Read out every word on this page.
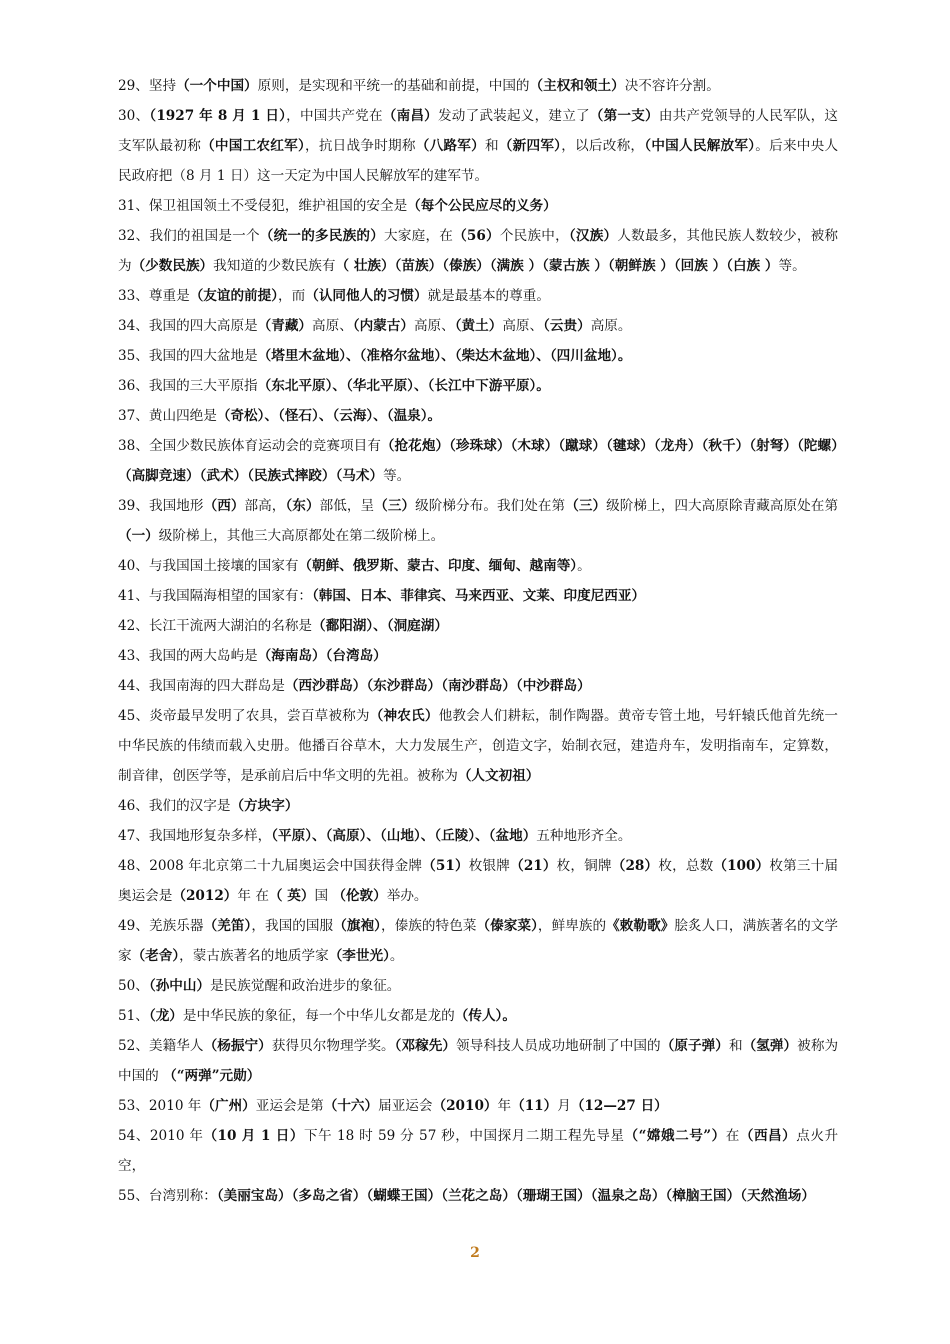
29、坚持（一个中国）原则，是实现和平统一的基础和前提，中国的（主权和领土）决不容许分割。

30、（1927 年 8 月 1 日），中国共产党在（南昌）发动了武装起义，建立了（第一支）由共产党领导的人民军队，这支军队最初称（中国工农红军），抗日战争时期称（八路军）和（新四军），以后改称，（中国人民解放军）。后来中央人民政府把（8 月 1 日）这一天定为中国人民解放军的建军节。

31、保卫祖国领土不受侵犯，维护祖国的安全是（每个公民应尽的义务）

32、我们的祖国是一个（统一的多民族的）大家庭，在（56）个民族中，（汉族）人数最多，其他民族人数较少，被称为（少数民族）我知道的少数民族有（ 壮族）（苗族）（傣族）（满族 ）（蒙古族 ）（朝鲜族 ）（回族 ）（白族 ）等。

33、尊重是（友谊的前提），而（认同他人的习惯）就是最基本的尊重。

34、我国的四大高原是（青藏）高原、（内蒙古）高原、（黄土）高原、（云贵）高原。

35、我国的四大盆地是（塔里木盆地）、（准格尔盆地）、（柴达木盆地）、（四川盆地）。

36、我国的三大平原指（东北平原）、（华北平原）、（长江中下游平原）。

37、黄山四绝是（奇松）、（怪石）、（云海）、（温泉）。

38、全国少数民族体育运动会的竞赛项目有（抢花炮）（珍珠球）（木球）（蹴球）（毽球）（龙舟）（秋千）（射弩）（陀螺）（高脚竞速）（武术）（民族式摔跤）（马术）等。

39、我国地形（西）部高，（东）部低，呈（三）级阶梯分布。我们处在第（三）级阶梯上，四大高原除青藏高原处在第（一）级阶梯上，其他三大高原都处在第二级阶梯上。

40、与我国国土接壤的国家有（朝鲜、俄罗斯、蒙古、印度、缅甸、越南等）。

41、与我国隔海相望的国家有：（韩国、日本、菲律宾、马来西亚、文莱、印度尼西亚）

42、长江干流两大湖泊的名称是（鄱阳湖）、（洞庭湖）

43、我国的两大岛屿是（海南岛）（台湾岛）

44、我国南海的四大群岛是（西沙群岛）（东沙群岛）（南沙群岛）（中沙群岛）

45、炎帝最早发明了农具，尝百草被称为（神农氏）他教会人们耕耘，制作陶器。黄帝专管土地，号轩辕氏他首先统一中华民族的伟绩而载入史册。他播百谷草木，大力发展生产，创造文字，始制衣冠，建造舟车，发明指南车，定算数，制音律，创医学等，是承前启后中华文明的先祖。被称为（人文初祖）

46、我们的汉字是（方块字）

47、我国地形复杂多样，（平原）、（高原）、（山地）、（丘陵）、（盆地）五种地形齐全。

48、2008 年北京第二十九届奥运会中国获得金牌（51）枚银牌（21）枚，铜牌（28）枚，总数（100）枚第三十届奥运会是（2012）年 在（ 英）国 （伦敦）举办。

49、羌族乐器（羌笛），我国的国服（旗袍），傣族的特色菜（傣家菜），鲜卑族的《敕勒歌》脍炙人口，满族著名的文学家（老舍），蒙古族著名的地质学家（李世光）。

50、（孙中山）是民族觉醒和政治进步的象征。

51、（龙）是中华民族的象征，每一个中华儿女都是龙的（传人）。

52、美籍华人（杨振宁）获得贝尔物理学奖。（邓稼先）领导科技人员成功地研制了中国的（原子弹）和（氢弹）被称为中国的 （“两弹”元勋）

53、2010 年（广州）亚运会是第（十六）届亚运会（2010）年（11）月（12—27 日）

54、2010 年（10 月 1 日）下午 18 时 59 分 57 秒，中国探月二期工程先导星（“嫦娥二号”）在（西昌）点火升空，

55、台湾别称：（美丽宝岛）（多岛之省）（蝴蝶王国）（兰花之岛）（珊瑚王国）（温泉之岛）（樟脑王国）（天然渔场）

2
